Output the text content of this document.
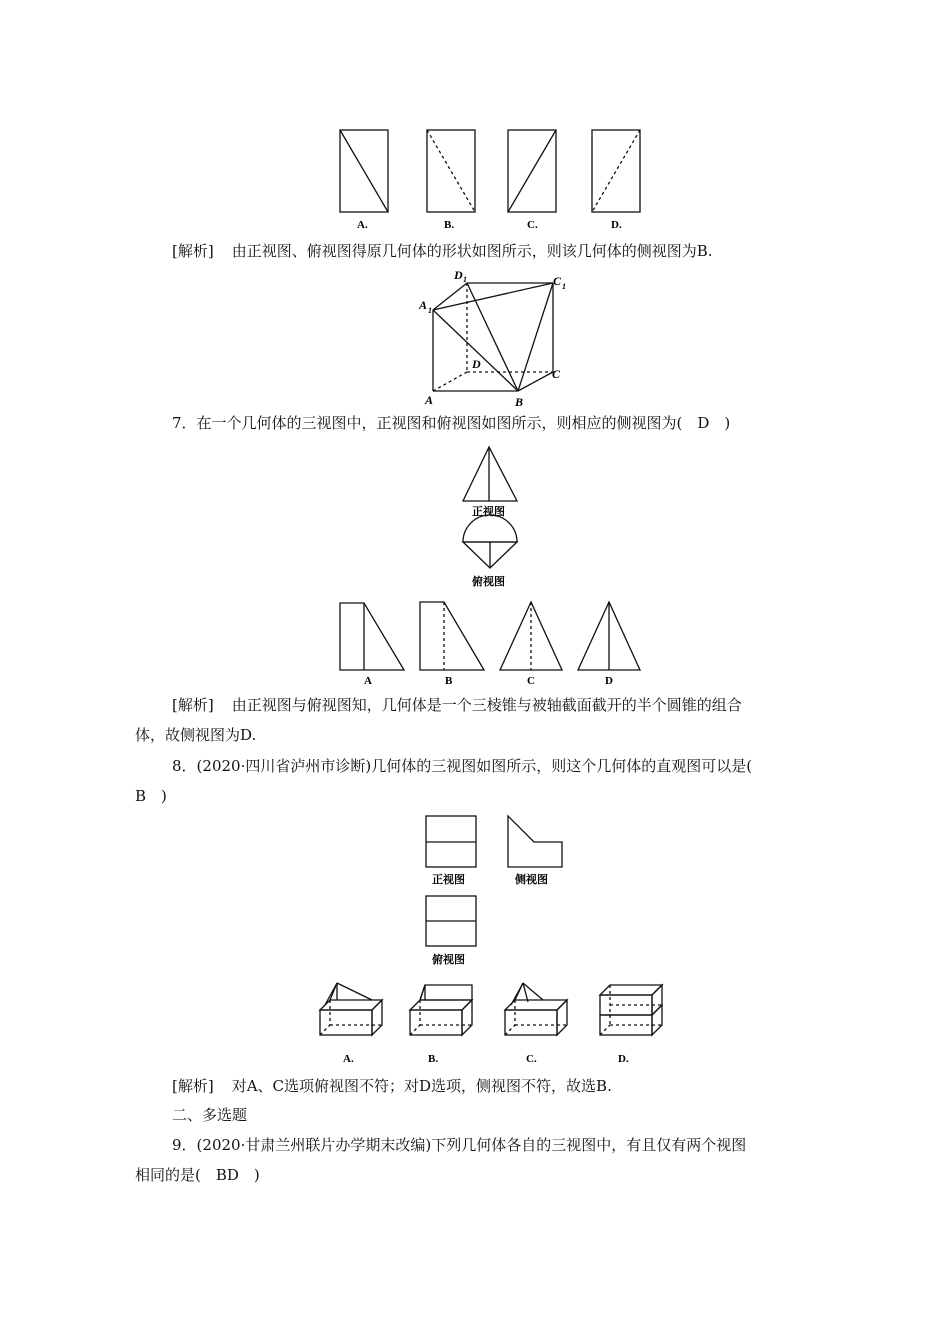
A.	B.	C.	D.
[解析] 由正视图、俯视图得原几何体的形状如图所示，则该几何体的侧视图为B.
D 1	C 1
A 1
D
A	B
C
7．在一个几何体的三视图中，正视图和俯视图如图所示，则相应的侧视图为(　D　)
正视图
俯视图
A	B	C	D
[解析] 由正视图与俯视图知，几何体是一个三棱锥与被轴截面截开的半个圆锥的组合
体，故侧视图为D.
8．(2020·四川省泸州市诊断)几何体的三视图如图所示，则这个几何体的直观图可以是(
B　)
正视图	侧视图
俯视图
A.	B.	C.	D.
[解析] 对A、C选项俯视图不符；对D选项，侧视图不符，故选B.
二、多选题
9．(2020·甘肃兰州联片办学期末改编)下列几何体各自的三视图中，有且仅有两个视图
相同的是(　BD　)
